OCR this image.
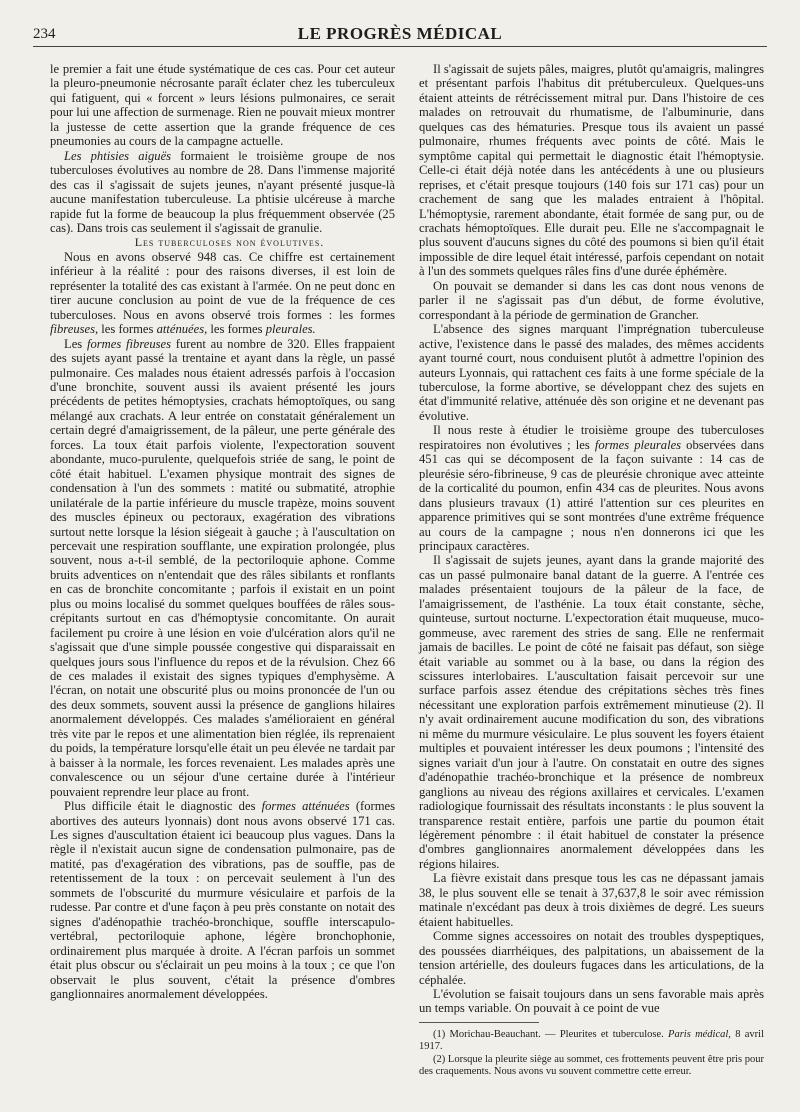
234	LE PROGRÈS MÉDICAL

le premier a fait une étude systématique de ces cas. Pour cet auteur la pleuro-pneumonie nécrosante paraît éclater chez les tuberculeux qui fatiguent, qui « forcent » leurs lésions pulmonaires, ce serait pour lui une affection de surmenage. Rien ne pouvait mieux montrer la justesse de cette assertion que la grande fréquence de ces pneumonies au cours de la campagne actuelle.

Les phtisies aiguës formaient le troisième groupe de nos tuberculoses évolutives au nombre de 28. Dans l'immense majorité des cas il s'agissait de sujets jeunes, n'ayant présenté jusque-là aucune manifestation tuberculeuse. La phtisie ulcéreuse à marche rapide fut la forme de beaucoup la plus fréquemment observée (25 cas). Dans trois cas seulement il s'agissait de granulie.

Les tuberculoses non évolutives.

Nous en avons observé 948 cas. Ce chiffre est certainement inférieur à la réalité : pour des raisons diverses, il est loin de représenter la totalité des cas existant à l'armée. On ne peut donc en tirer aucune conclusion au point de vue de la fréquence de ces tuberculoses. Nous en avons observé trois formes : les formes fibreuses, les formes atténuées, les formes pleurales.

Les formes fibreuses furent au nombre de 320. Elles frappaient des sujets ayant passé la trentaine et ayant dans la règle, un passé pulmonaire. Ces malades nous étaient adressés parfois à l'occasion d'une bronchite, souvent aussi ils avaient présenté les jours précédents de petites hémoptysies, crachats hémoptoïques, ou sang mélangé aux crachats. A leur entrée on constatait généralement un certain degré d'amaigrissement, de la pâleur, une perte générale des forces. La toux était parfois violente, l'expectoration souvent abondante, muco-purulente, quelquefois striée de sang, le point de côté était habituel. L'examen physique montrait des signes de condensation à l'un des sommets : matité ou submatité, atrophie unilatérale de la partie inférieure du muscle trapèze, moins souvent des muscles épineux ou pectoraux, exagération des vibrations surtout nette lorsque la lésion siégeait à gauche ; à l'auscultation on percevait une respiration soufflante, une expiration prolongée, plus souvent, nous a-t-il semblé, de la pectoriloquie aphone. Comme bruits adventices on n'entendait que des râles sibilants et ronflants en cas de bronchite concomitante ; parfois il existait en un point plus ou moins localisé du sommet quelques bouffées de râles sous-crépitants surtout en cas d'hémoptysie concomitante. On aurait facilement pu croire à une lésion en voie d'ulcération alors qu'il ne s'agissait que d'une simple poussée congestive qui disparaissait en quelques jours sous l'influence du repos et de la révulsion. Chez 66 de ces malades il existait des signes typiques d'emphysème. A l'écran, on notait une obscurité plus ou moins prononcée de l'un ou des deux sommets, souvent aussi la présence de ganglions hilaires anormalement développés. Ces malades s'amélioraient en général très vite par le repos et une alimentation bien réglée, ils reprenaient du poids, la température lorsqu'elle était un peu élevée ne tardait par à baisser à la normale, les forces revenaient. Les malades après une convalescence ou un séjour d'une certaine durée à l'intérieur pouvaient reprendre leur place au front.

Plus difficile était le diagnostic des formes atténuées (formes abortives des auteurs lyonnais) dont nous avons observé 171 cas. Les signes d'auscultation étaient ici beaucoup plus vagues. Dans la règle il n'existait aucun signe de condensation pulmonaire, pas de matité, pas d'exagération des vibrations, pas de souffle, pas de retentissement de la toux : on percevait seulement à l'un des sommets de l'obscurité du murmure vésiculaire et parfois de la rudesse. Par contre et d'une façon à peu près constante on notait des signes d'adénopathie trachéo-bronchique, souffle interscapulo-vertébral, pectoriloquie aphone, légère bronchophonie, ordinairement plus marquée à droite. A l'écran parfois un sommet était plus obscur ou s'éclairait un peu moins à la toux ; ce que l'on observait le plus souvent, c'était la présence d'ombres ganglionnaires anormalement développées.

Il s'agissait de sujets pâles, maigres, plutôt qu'amaigris, malingres et présentant parfois l'habitus dit prétuberculeux. Quelques-uns étaient atteints de rétrécissement mitral pur. Dans l'histoire de ces malades on retrouvait du rhumatisme, de l'albuminurie, dans quelques cas des hématuries. Presque tous ils avaient un passé pulmonaire, rhumes fréquents avec points de côté. Mais le symptôme capital qui permettait le diagnostic était l'hémoptysie. Celle-ci était déjà notée dans les antécédents à une ou plusieurs reprises, et c'était presque toujours (140 fois sur 171 cas) pour un crachement de sang que les malades entraient à l'hôpital. L'hémoptysie, rarement abondante, était formée de sang pur, ou de crachats hémoptoïques. Elle durait peu. Elle ne s'accompagnait le plus souvent d'aucuns signes du côté des poumons si bien qu'il était impossible de dire lequel était intéressé, parfois cependant on notait à l'un des sommets quelques râles fins d'une durée éphémère.

On pouvait se demander si dans les cas dont nous venons de parler il ne s'agissait pas d'un début, de forme évolutive, correspondant à la période de germination de Grancher.

L'absence des signes marquant l'imprégnation tuberculeuse active, l'existence dans le passé des malades, des mêmes accidents ayant tourné court, nous conduisent plutôt à admettre l'opinion des auteurs Lyonnais, qui rattachent ces faits à une forme spéciale de la tuberculose, la forme abortive, se développant chez des sujets en état d'immunité relative, atténuée dès son origine et ne devenant pas évolutive.

Il nous reste à étudier le troisième groupe des tuberculoses respiratoires non évolutives ; les formes pleurales observées dans 451 cas qui se décomposent de la façon suivante : 14 cas de pleurésie séro-fibrineuse, 9 cas de pleurésie chronique avec atteinte de la corticalité du poumon, enfin 434 cas de pleurites. Nous avons dans plusieurs travaux (1) attiré l'attention sur ces pleurites en apparence primitives qui se sont montrées d'une extrême fréquence au cours de la campagne ; nous n'en donnerons ici que les principaux caractères.

Il s'agissait de sujets jeunes, ayant dans la grande majorité des cas un passé pulmonaire banal datant de la guerre. A l'entrée ces malades présentaient toujours de la pâleur de la face, de l'amaigrissement, de l'asthénie. La toux était constante, sèche, quinteuse, surtout nocturne. L'expectoration était muqueuse, muco-gommeuse, avec rarement des stries de sang. Elle ne renfermait jamais de bacilles. Le point de côté ne faisait pas défaut, son siège était variable au sommet ou à la base, ou dans la région des scissures interlobaires. L'auscultation faisait percevoir sur une surface parfois assez étendue des crépitations sèches très fines nécessitant une exploration parfois extrêmement minutieuse (2). Il n'y avait ordinairement aucune modification du son, des vibrations ni même du murmure vésiculaire. Le plus souvent les foyers étaient multiples et pouvaient intéresser les deux poumons ; l'intensité des signes variait d'un jour à l'autre. On constatait en outre des signes d'adénopathie trachéo-bronchique et la présence de nombreux ganglions au niveau des régions axillaires et cervicales. L'examen radiologique fournissait des résultats inconstants : le plus souvent la transparence restait entière, parfois une partie du poumon était légèrement pénombre : il était habituel de constater la présence d'ombres ganglionnaires anormalement développées dans les régions hilaires.

La fièvre existait dans presque tous les cas ne dépassant jamais 38, le plus souvent elle se tenait à 37,637,8 le soir avec rémission matinale n'excédant pas deux à trois dixièmes de degré. Les sueurs étaient habituelles.

Comme signes accessoires on notait des troubles dyspeptiques, des poussées diarrhéiques, des palpitations, un abaissement de la tension artérielle, des douleurs fugaces dans les articulations, de la céphalée.

L'évolution se faisait toujours dans un sens favorable mais après un temps variable. On pouvait à ce point de vue

(1) Morichau-Beauchant. — Pleurites et tuberculose. Paris médical, 8 avril 1917.

(2) Lorsque la pleurite siège au sommet, ces frottements peuvent être pris pour des craquements. Nous avons vu souvent commettre cette erreur.
